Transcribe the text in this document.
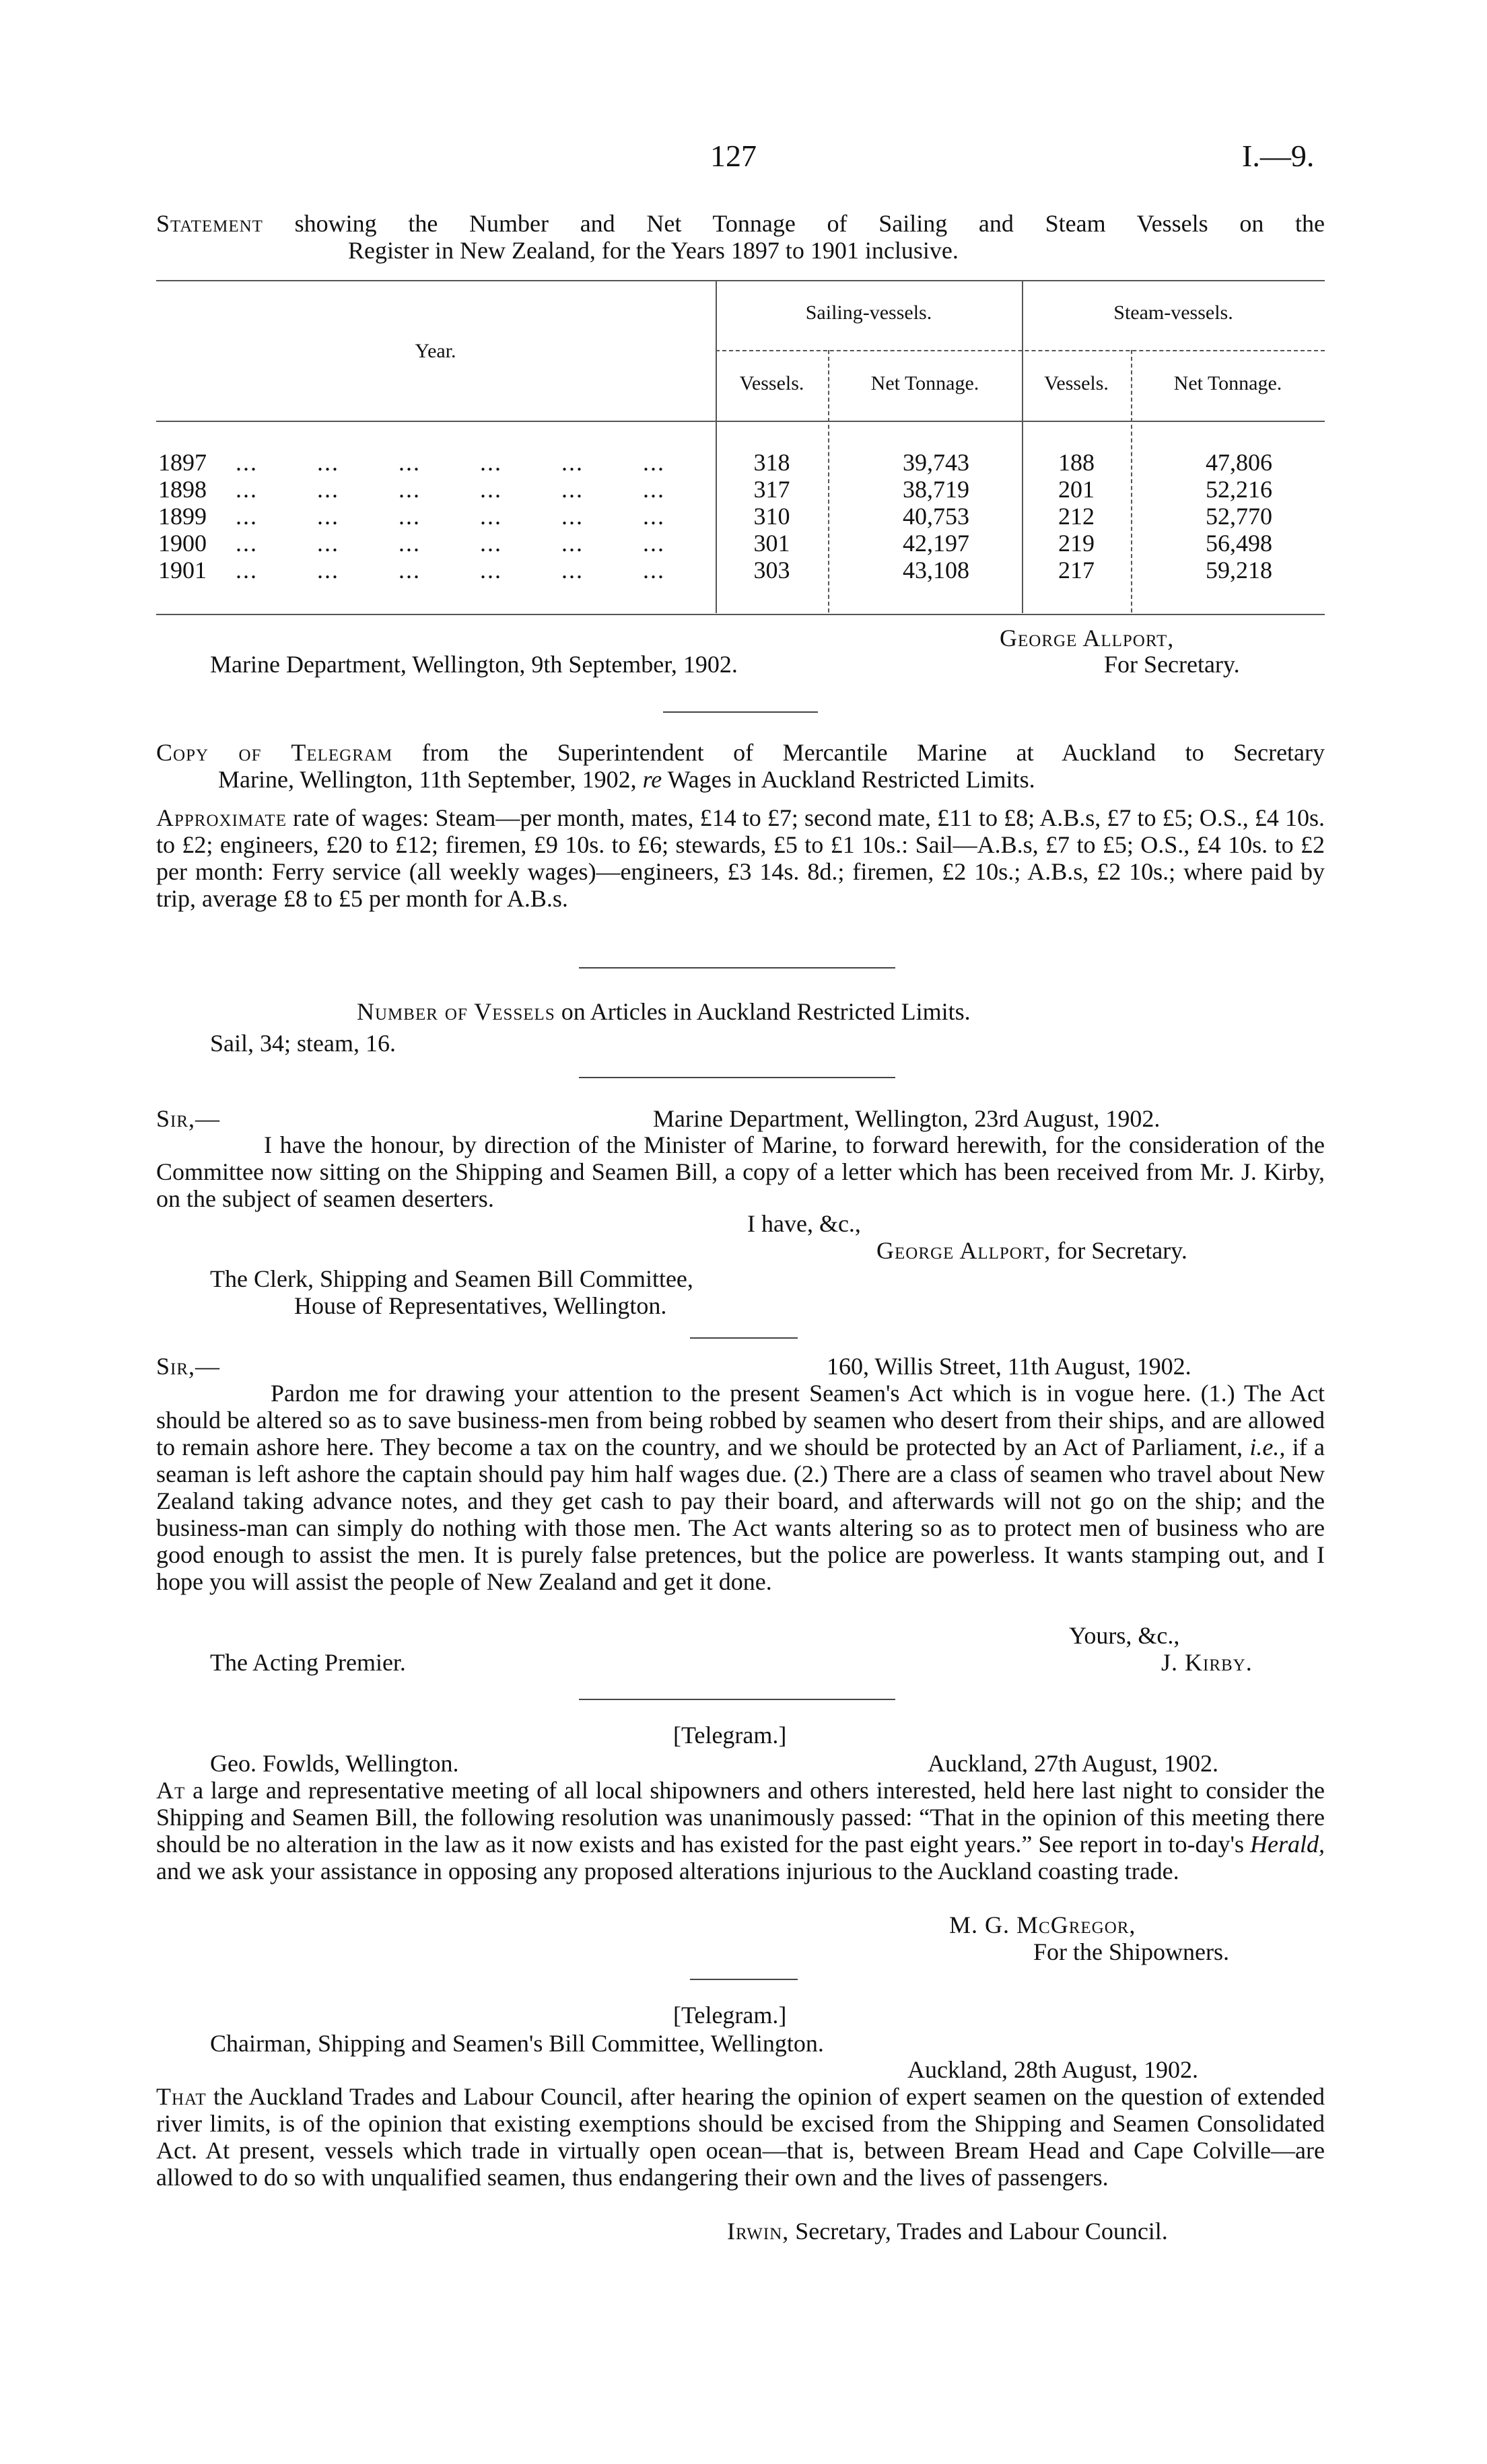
127	I.—9.
Statement showing the Number and Net Tonnage of Sailing and Steam Vessels on the
Register in New Zealand, for the Years 1897 to 1901 inclusive.
Year.
Sailing-vessels.	Steam-vessels.
Vessels.	Net Tonnage.	Vessels.	Net Tonnage.
1897 ...        ...        ...        ...        ...        ...	318	39,743	188	47,806
1898 ...        ...        ...        ...        ...        ...	317	38,719	201	52,216
1899 ...        ...        ...        ...        ...        ...	310	40,753	212	52,770
1900 ...        ...        ...        ...        ...        ...	301	42,197	219	56,498
1901 ...        ...        ...        ...        ...        ...	303	43,108	217	59,218
George Allport,
Marine Department, Wellington, 9th September, 1902.	For Secretary.
Copy of Telegram from the Superintendent of Mercantile Marine at Auckland to Secretary
Marine, Wellington, 11th September, 1902, re Wages in Auckland Restricted Limits.
Approximate rate of wages: Steam—per month, mates, £14 to £7; second mate, £11 to £8; A.B.s, £7 to £5; O.S., £4 10s. to £2; engineers, £20 to £12; firemen, £9 10s. to £6; stewards, £5 to £1 10s.: Sail—A.B.s, £7 to £5; O.S., £4 10s. to £2 per month: Ferry service (all weekly wages)—engineers, £3 14s. 8d.; firemen, £2 10s.; A.B.s, £2 10s.; where paid by trip, average £8 to £5 per month for A.B.s.
Number of Vessels on Articles in Auckland Restricted Limits.
Sail, 34; steam, 16.
Sir,—	Marine Department, Wellington, 23rd August, 1902.
I have the honour, by direction of the Minister of Marine, to forward herewith, for the consideration of the Committee now sitting on the Shipping and Seamen Bill, a copy of a letter which has been received from Mr. J. Kirby, on the subject of seamen deserters.
I have, &c.,
George Allport, for Secretary.
The Clerk, Shipping and Seamen Bill Committee,
House of Representatives, Wellington.
Sir,—	160, Willis Street, 11th August, 1902.
Pardon me for drawing your attention to the present Seamen's Act which is in vogue here. (1.) The Act should be altered so as to save business-men from being robbed by seamen who desert from their ships, and are allowed to remain ashore here. They become a tax on the country, and we should be protected by an Act of Parliament, i.e., if a seaman is left ashore the captain should pay him half wages due. (2.) There are a class of seamen who travel about New Zealand taking advance notes, and they get cash to pay their board, and afterwards will not go on the ship; and the business-man can simply do nothing with those men. The Act wants altering so as to protect men of business who are good enough to assist the men. It is purely false pretences, but the police are powerless. It wants stamping out, and I hope you will assist the people of New Zealand and get it done.
Yours, &c.,
The Acting Premier.	J. Kirby.
[Telegram.]
Geo. Fowlds, Wellington.	Auckland, 27th August, 1902.
At a large and representative meeting of all local shipowners and others interested, held here last night to consider the Shipping and Seamen Bill, the following resolution was unanimously passed: “That in the opinion of this meeting there should be no alteration in the law as it now exists and has existed for the past eight years.” See report in to-day's Herald, and we ask your assistance in opposing any proposed alterations injurious to the Auckland coasting trade.
M. G. McGregor,
For the Shipowners.
[Telegram.]
Chairman, Shipping and Seamen's Bill Committee, Wellington.
Auckland, 28th August, 1902.
That the Auckland Trades and Labour Council, after hearing the opinion of expert seamen on the question of extended river limits, is of the opinion that existing exemptions should be excised from the Shipping and Seamen Consolidated Act. At present, vessels which trade in virtually open ocean—that is, between Bream Head and Cape Colville—are allowed to do so with unqualified seamen, thus endangering their own and the lives of passengers.
Irwin, Secretary, Trades and Labour Council.
